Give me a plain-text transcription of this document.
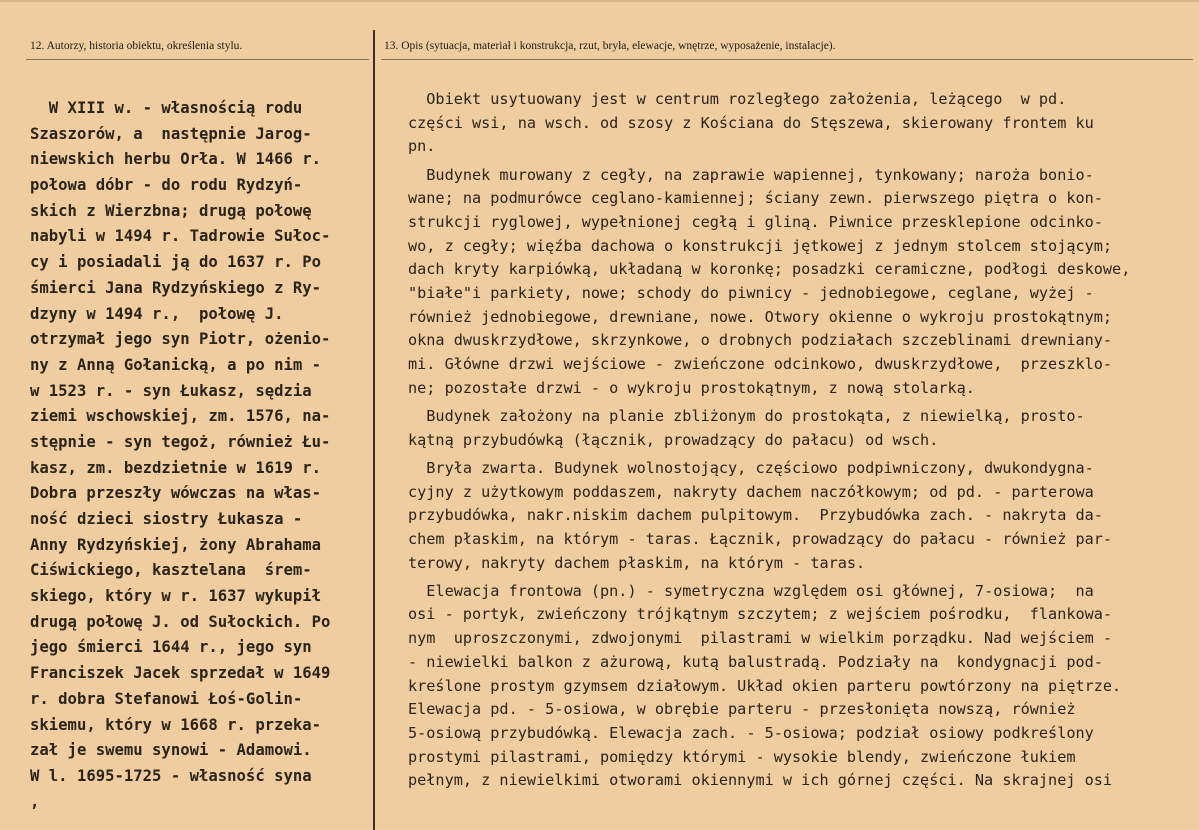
12. Autorzy, historia obiektu, określenia stylu.	13. Opis (sytuacja, materiał i konstrukcja, rzut, bryła, elewacje, wnętrze, wyposażenie, instalacje).
W XIII w. - własnością rodu
Szaszorów, a  następnie Jarog-
niewskich herbu Orła. W 1466 r.
połowa dóbr - do rodu Rydzyń-
skich z Wierzbna; drugą połowę
nabyli w 1494 r. Tadrowie Sułoc-
cy i posiadali ją do 1637 r. Po
śmierci Jana Rydzyńskiego z Ry-
dzyny w 1494 r.,  połowę J.
otrzymał jego syn Piotr, ożenio-
ny z Anną Gołanicką, a po nim -
w 1523 r. - syn Łukasz, sędzia
ziemi wschowskiej, zm. 1576, na-
stępnie - syn tegoż, również Łu-
kasz, zm. bezdzietnie w 1619 r.
Dobra przeszły wówczas na włas-
ność dzieci siostry Łukasza -
Anny Rydzyńskiej, żony Abrahama
Ciświckiego, kasztelana  śrem-
skiego, który w r. 1637 wykupił
drugą połowę J. od Sułockich. Po
jego śmierci 1644 r., jego syn
Franciszek Jacek sprzedał w 1649
r. dobra Stefanowi Łoś-Golin-
skiemu, który w 1668 r. przeka-
zał je swemu synowi - Adamowi.
W l. 1695-1725 - własność syna
,
Obiekt usytuowany jest w centrum rozległego założenia, leżącego  w pd.
części wsi, na wsch. od szosy z Kościana do Stęszewa, skierowany frontem ku
pn.
Budynek murowany z cegły, na zaprawie wapiennej, tynkowany; naroża bonio-
wane; na podmurówce ceglano-kamiennej; ściany zewn. pierwszego piętra o kon-
strukcji ryglowej, wypełnionej cegłą i gliną. Piwnice przesklepione odcinko-
wo, z cegły; więźba dachowa o konstrukcji jętkowej z jednym stolcem stojącym;
dach kryty karpiówką, układaną w koronkę; posadzki ceramiczne, podłogi deskowe,
"białe"i parkiety, nowe; schody do piwnicy - jednobiegowe, ceglane, wyżej -
również jednobiegowe, drewniane, nowe. Otwory okienne o wykroju prostokątnym;
okna dwuskrzydłowe, skrzynkowe, o drobnych podziałach szczeblinami drewniany-
mi. Główne drzwi wejściowe - zwieńczone odcinkowo, dwuskrzydłowe,  przeszklo-
ne; pozostałe drzwi - o wykroju prostokątnym, z nową stolarką.
Budynek założony na planie zbliżonym do prostokąta, z niewielką, prosto-
kątną przybudówką (łącznik, prowadzący do pałacu) od wsch.
Bryła zwarta. Budynek wolnostojący, częściowo podpiwniczony, dwukondygna-
cyjny z użytkowym poddaszem, nakryty dachem naczółkowym; od pd. - parterowa
przybudówka, nakr.niskim dachem pulpitowym.  Przybudówka zach. - nakryta da-
chem płaskim, na którym - taras. Łącznik, prowadzący do pałacu - również par-
terowy, nakryty dachem płaskim, na którym - taras.
Elewacja frontowa (pn.) - symetryczna względem osi głównej, 7-osiowa;  na
osi - portyk, zwieńczony trójkątnym szczytem; z wejściem pośrodku,  flankowa-
nym  uproszczonymi, zdwojonymi  pilastrami w wielkim porządku. Nad wejściem -
- niewielki balkon z ażurową, kutą balustradą. Podziały na  kondygnacji pod-
kreślone prostym gzymsem działowym. Układ okien parteru powtórzony na piętrze.
Elewacja pd. - 5-osiowa, w obrębie parteru - przesłonięta nowszą, również
5-osiową przybudówką. Elewacja zach. - 5-osiowa; podział osiowy podkreślony
prostymi pilastrami, pomiędzy którymi - wysokie blendy, zwieńczone łukiem
pełnym, z niewielkimi otworami okiennymi w ich górnej części. Na skrajnej osi
